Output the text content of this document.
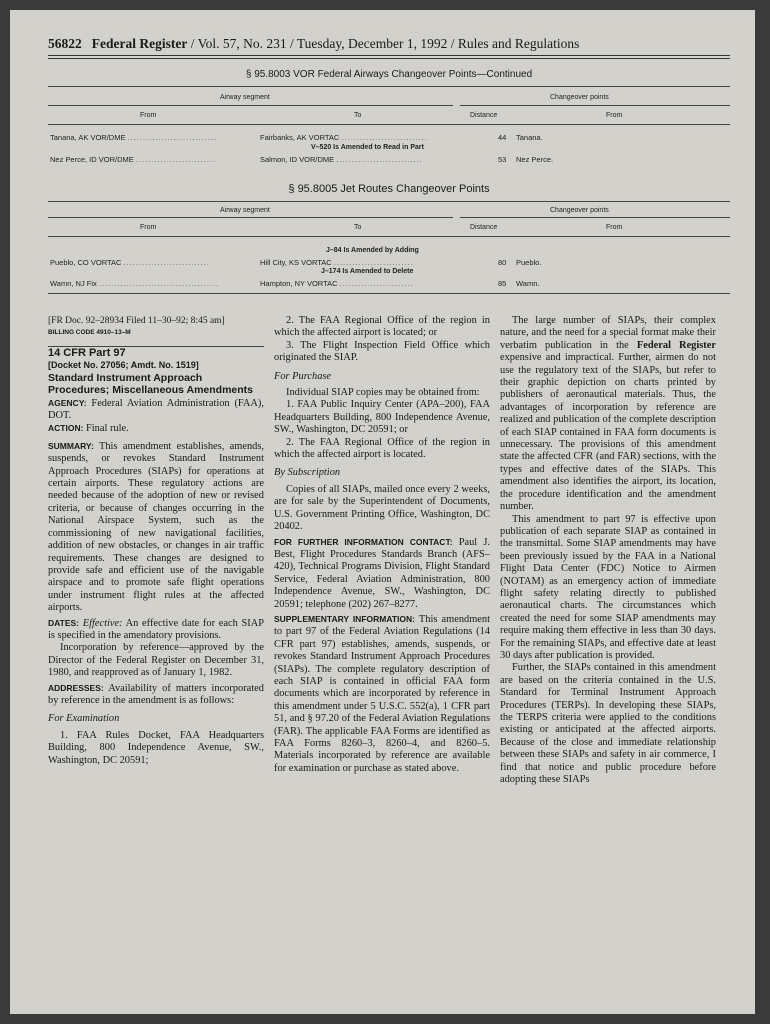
56822 Federal Register / Vol. 57, No. 231 / Tuesday, December 1, 1992 / Rules and Regulations
§ 95.8003 VOR Federal Airways Changeover Points—Continued
Airway segment	Changeover points
From	To	Distance	From
Tanana, AK VOR/DME .............................	Fairbanks, AK VORTAC ............................	44 Tanana.
V–520 Is Amended to Read in Part
Nez Perce, ID VOR/DME ..........................	Salmon, ID VOR/DME ............................	53 Nez Perce.
§ 95.8005 Jet Routes Changeover Points
Airway segment	Changeover points
From	To	Distance	From
J–84 Is Amended by Adding
Pueblo, CO VORTAC ............................	Hill City, KS VORTAC ..........................	80 Pueblo.
J–174 Is Amended to Delete
Wamn, NJ Fix .......................................	Hampton, NY VORTAC ........................	85 Wamn.

[FR Doc. 92–28934 Filed 11–30–92; 8:45 am]

BILLING CODE 4910–13–M

14 CFR Part 97

[Docket No. 27056; Amdt. No. 1519]

Standard Instrument Approach Procedures; Miscellaneous Amendments

AGENCY: Federal Aviation Administration (FAA), DOT.

ACTION: Final rule.

SUMMARY: This amendment establishes, amends, suspends, or revokes Standard Instrument Approach Procedures (SIAPs) for operations at certain airports. These regulatory actions are needed because of the adoption of new or revised criteria, or because of changes occurring in the National Airspace System, such as the commissioning of new navigational facilities, addition of new obstacles, or changes in air traffic requirements. These changes are designed to provide safe and efficient use of the navigable airspace and to promote safe flight operations under instrument flight rules at the affected airports.

DATES: Effective: An effective date for each SIAP is specified in the amendatory provisions.

Incorporation by reference—approved by the Director of the Federal Register on December 31, 1980, and reapproved as of January 1, 1982.

ADDRESSES: Availability of matters incorporated by reference in the amendment is as follows:

For Examination

1. FAA Rules Docket, FAA Headquarters Building, 800 Independence Avenue, SW., Washington, DC 20591;

2. The FAA Regional Office of the region in which the affected airport is located; or

3. The Flight Inspection Field Office which originated the SIAP.

For Purchase

Individual SIAP copies may be obtained from:

1. FAA Public Inquiry Center (APA–200), FAA Headquarters Building, 800 Independence Avenue, SW., Washington, DC 20591; or

2. The FAA Regional Office of the region in which the affected airport is located.

By Subscription

Copies of all SIAPs, mailed once every 2 weeks, are for sale by the Superintendent of Documents, U.S. Government Printing Office, Washington, DC 20402.

FOR FURTHER INFORMATION CONTACT: Paul J. Best, Flight Procedures Standards Branch (AFS–420), Technical Programs Division, Flight Standard Service, Federal Aviation Administration, 800 Independence Avenue, SW., Washington, DC 20591; telephone (202) 267–8277.

SUPPLEMENTARY INFORMATION: This amendment to part 97 of the Federal Aviation Regulations (14 CFR part 97) establishes, amends, suspends, or revokes Standard Instrument Approach Procedures (SIAPs). The complete regulatory description of each SIAP is contained in official FAA form documents which are incorporated by reference in this amendment under 5 U.S.C. 552(a), 1 CFR part 51, and § 97.20 of the Federal Aviation Regulations (FAR). The applicable FAA Forms are identified as FAA Forms 8260–3, 8260–4, and 8260–5. Materials incorporated by reference are available for examination or purchase as stated above.

The large number of SIAPs, their complex nature, and the need for a special format make their verbatim publication in the Federal Register expensive and impractical. Further, airmen do not use the regulatory text of the SIAPs, but refer to their graphic depiction on charts printed by publishers of aeronautical materials. Thus, the advantages of incorporation by reference are realized and publication of the complete description of each SIAP contained in FAA form documents is unnecessary. The provisions of this amendment state the affected CFR (and FAR) sections, with the types and effective dates of the SIAPs. This amendment also identifies the airport, its location, the procedure identification and the amendment number.

This amendment to part 97 is effective upon publication of each separate SIAP as contained in the transmittal. Some SIAP amendments may have been previously issued by the FAA in a National Flight Data Center (FDC) Notice to Airmen (NOTAM) as an emergency action of immediate flight safety relating directly to published aeronautical charts. The circumstances which created the need for some SIAP amendments may require making them effective in less than 30 days. For the remaining SIAPs, and effective date at least 30 days after publication is provided.

Further, the SIAPs contained in this amendment are based on the criteria contained in the U.S. Standard for Terminal Instrument Approach Procedures (TERPs). In developing these SIAPs, the TERPS criteria were applied to the conditions existing or anticipated at the affected airports. Because of the close and immediate relationship between these SIAPs and safety in air commerce, I find that notice and public procedure before adopting these SIAPs
